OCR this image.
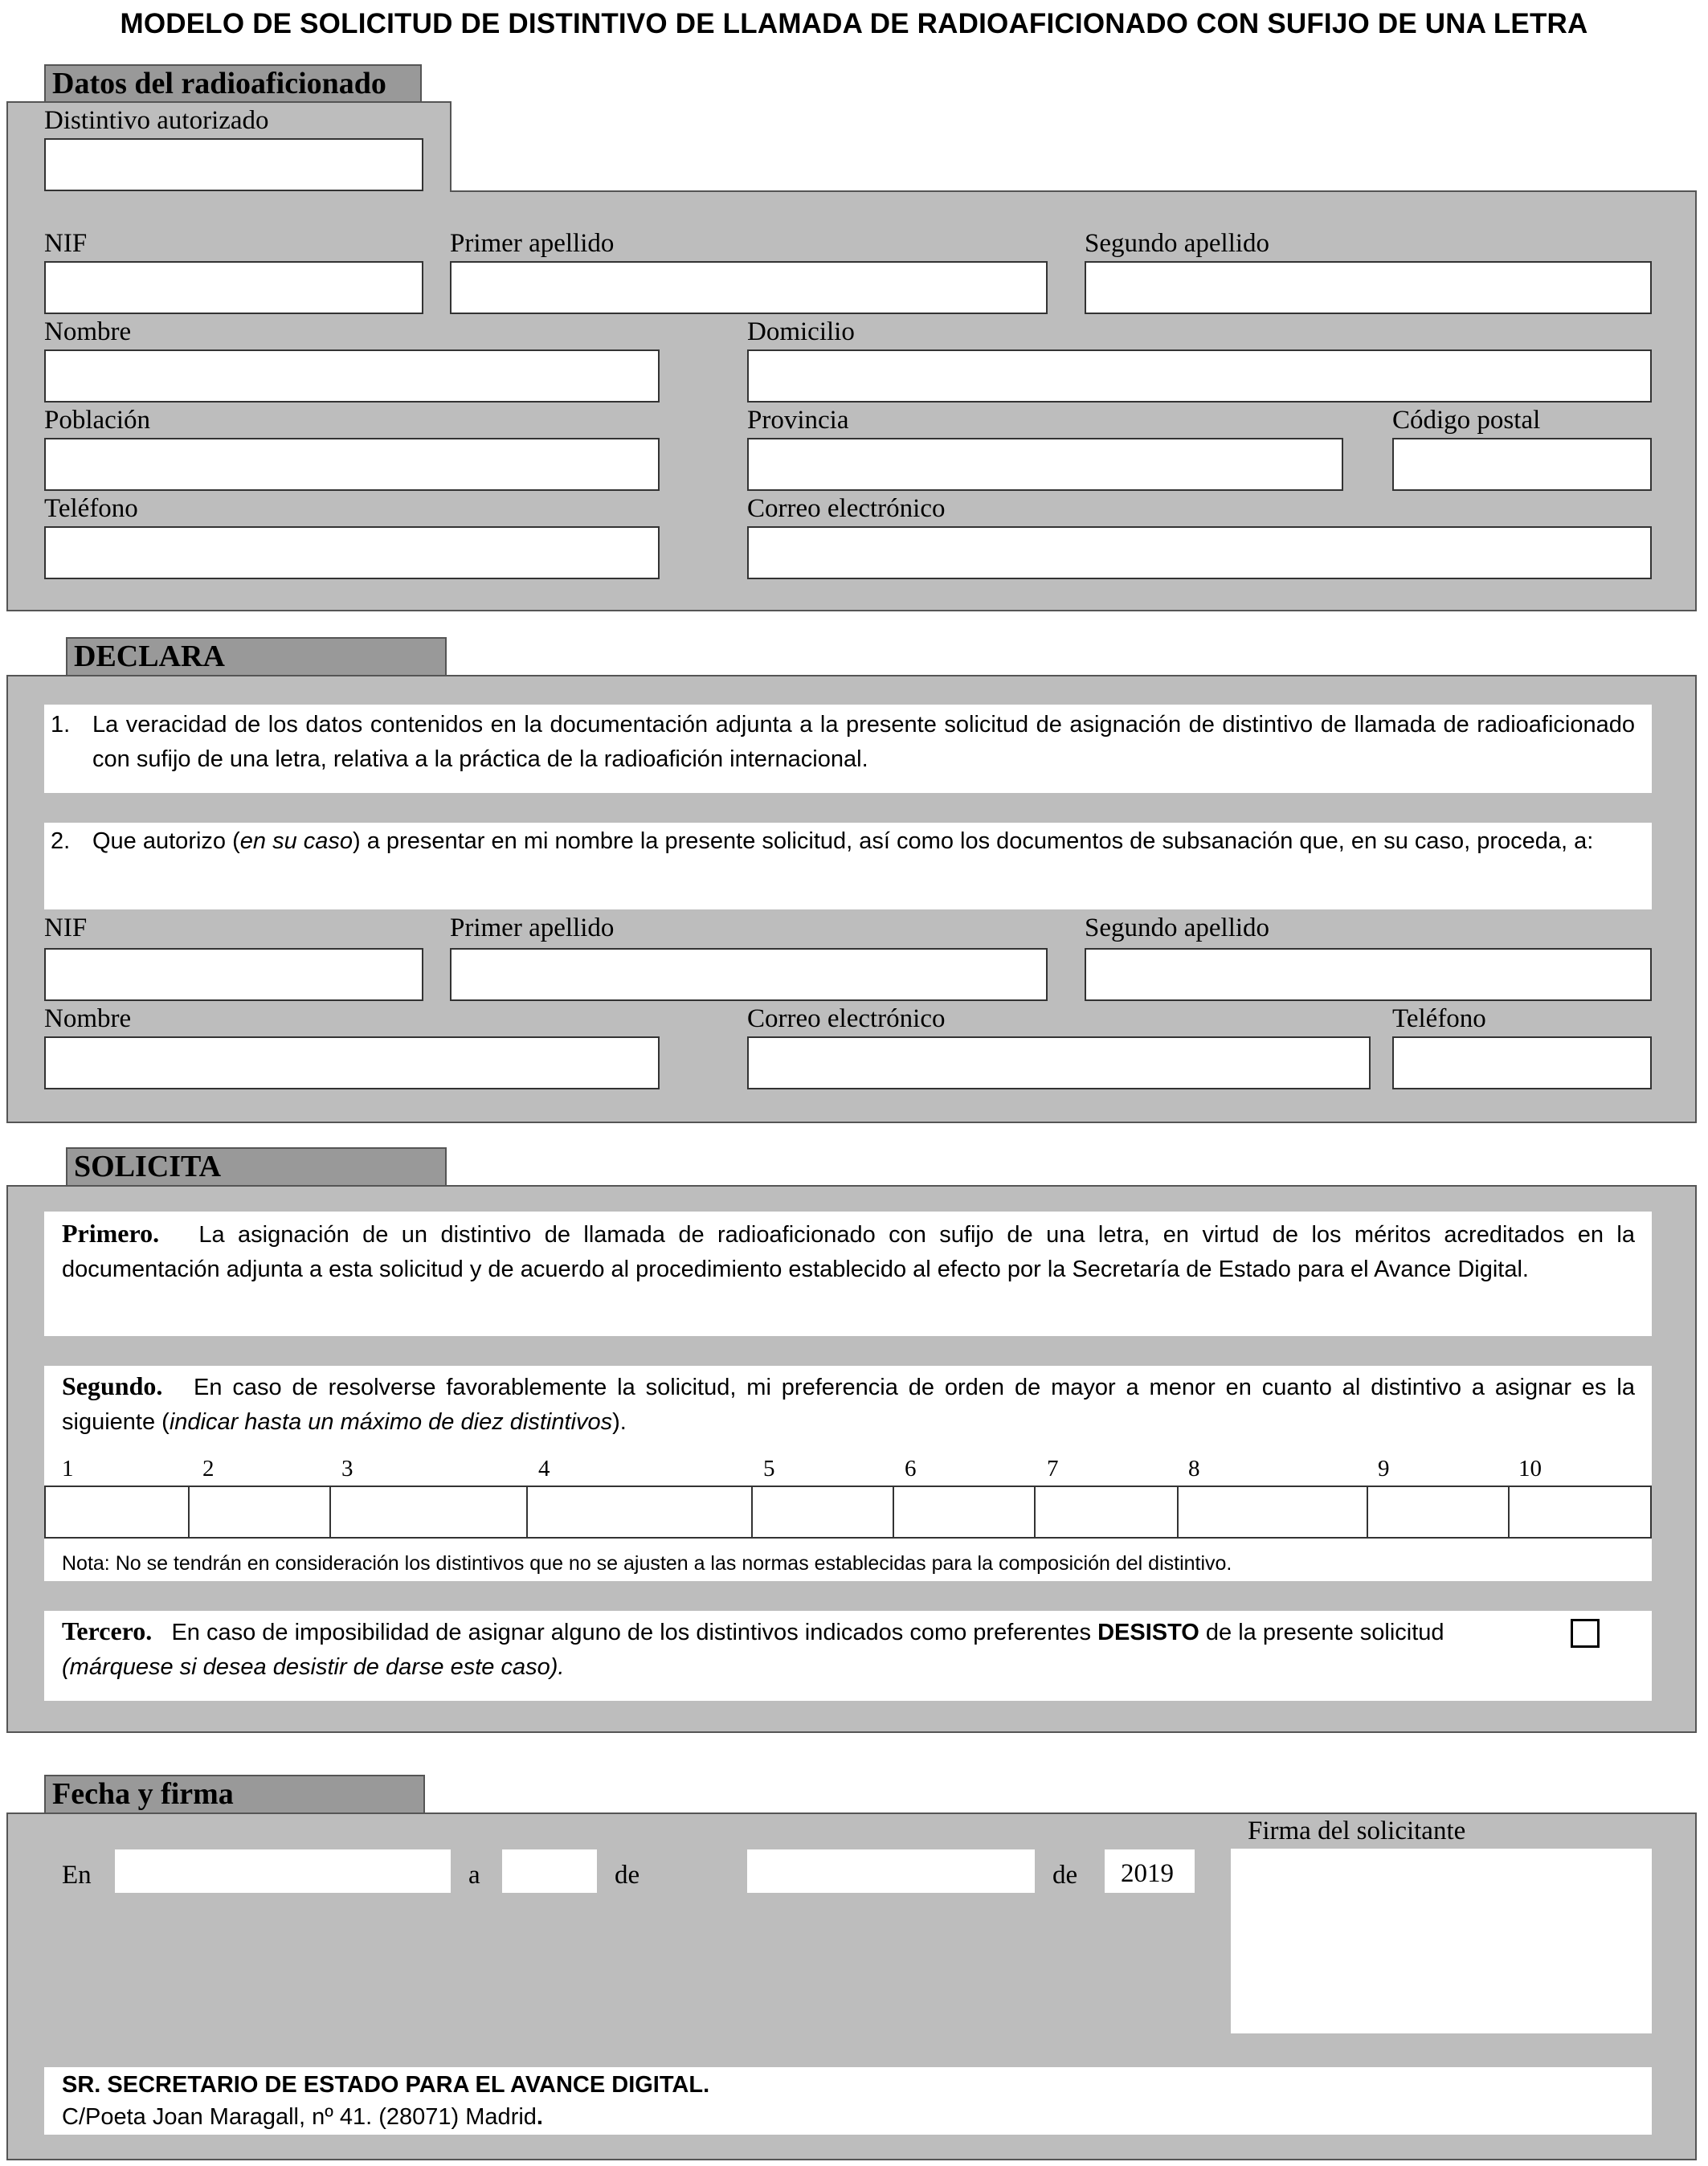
MODELO DE SOLICITUD DE DISTINTIVO DE LLAMADA DE RADIOAFICIONADO CON SUFIJO DE UNA LETRA
Datos del radioaficionado
Distintivo autorizado
NIF	Primer apellido	Segundo apellido
Nombre	Domicilio
Población	Provincia	Código postal
Teléfono	Correo electrónico
DECLARA
1. La veracidad de los datos contenidos en la documentación adjunta a la presente solicitud de asignación de distintivo de llamada de radioaficionado con sufijo de una letra, relativa a la práctica de la radioafición internacional.
2. Que autorizo (en su caso) a presentar en mi nombre la presente solicitud, así como los documentos de subsanación que, en su caso, proceda, a:
NIF	Primer apellido	Segundo apellido
Nombre	Correo electrónico	Teléfono
SOLICITA
Primero. La asignación de un distintivo de llamada de radioaficionado con sufijo de una letra, en virtud de los méritos acreditados en la documentación adjunta a esta solicitud y de acuerdo al procedimiento establecido al efecto por la Secretaría de Estado para el Avance Digital.
Segundo. En caso de resolverse favorablemente la solicitud, mi preferencia de orden de mayor a menor en cuanto al distintivo a asignar es la siguiente (indicar hasta un máximo de diez distintivos).
1	2	3	4	5	6	7	8	9	10
Nota: No se tendrán en consideración los distintivos que no se ajusten a las normas establecidas para la composición del distintivo.
Tercero. En caso de imposibilidad de asignar alguno de los distintivos indicados como preferentes DESISTO de la presente solicitud
(márquese si desea desistir de darse este caso).
Fecha y firma
En	a	de	de 2019
Firma del solicitante
SR. SECRETARIO DE ESTADO PARA EL AVANCE DIGITAL.
C/Poeta Joan Maragall, nº 41. (28071) Madrid.
